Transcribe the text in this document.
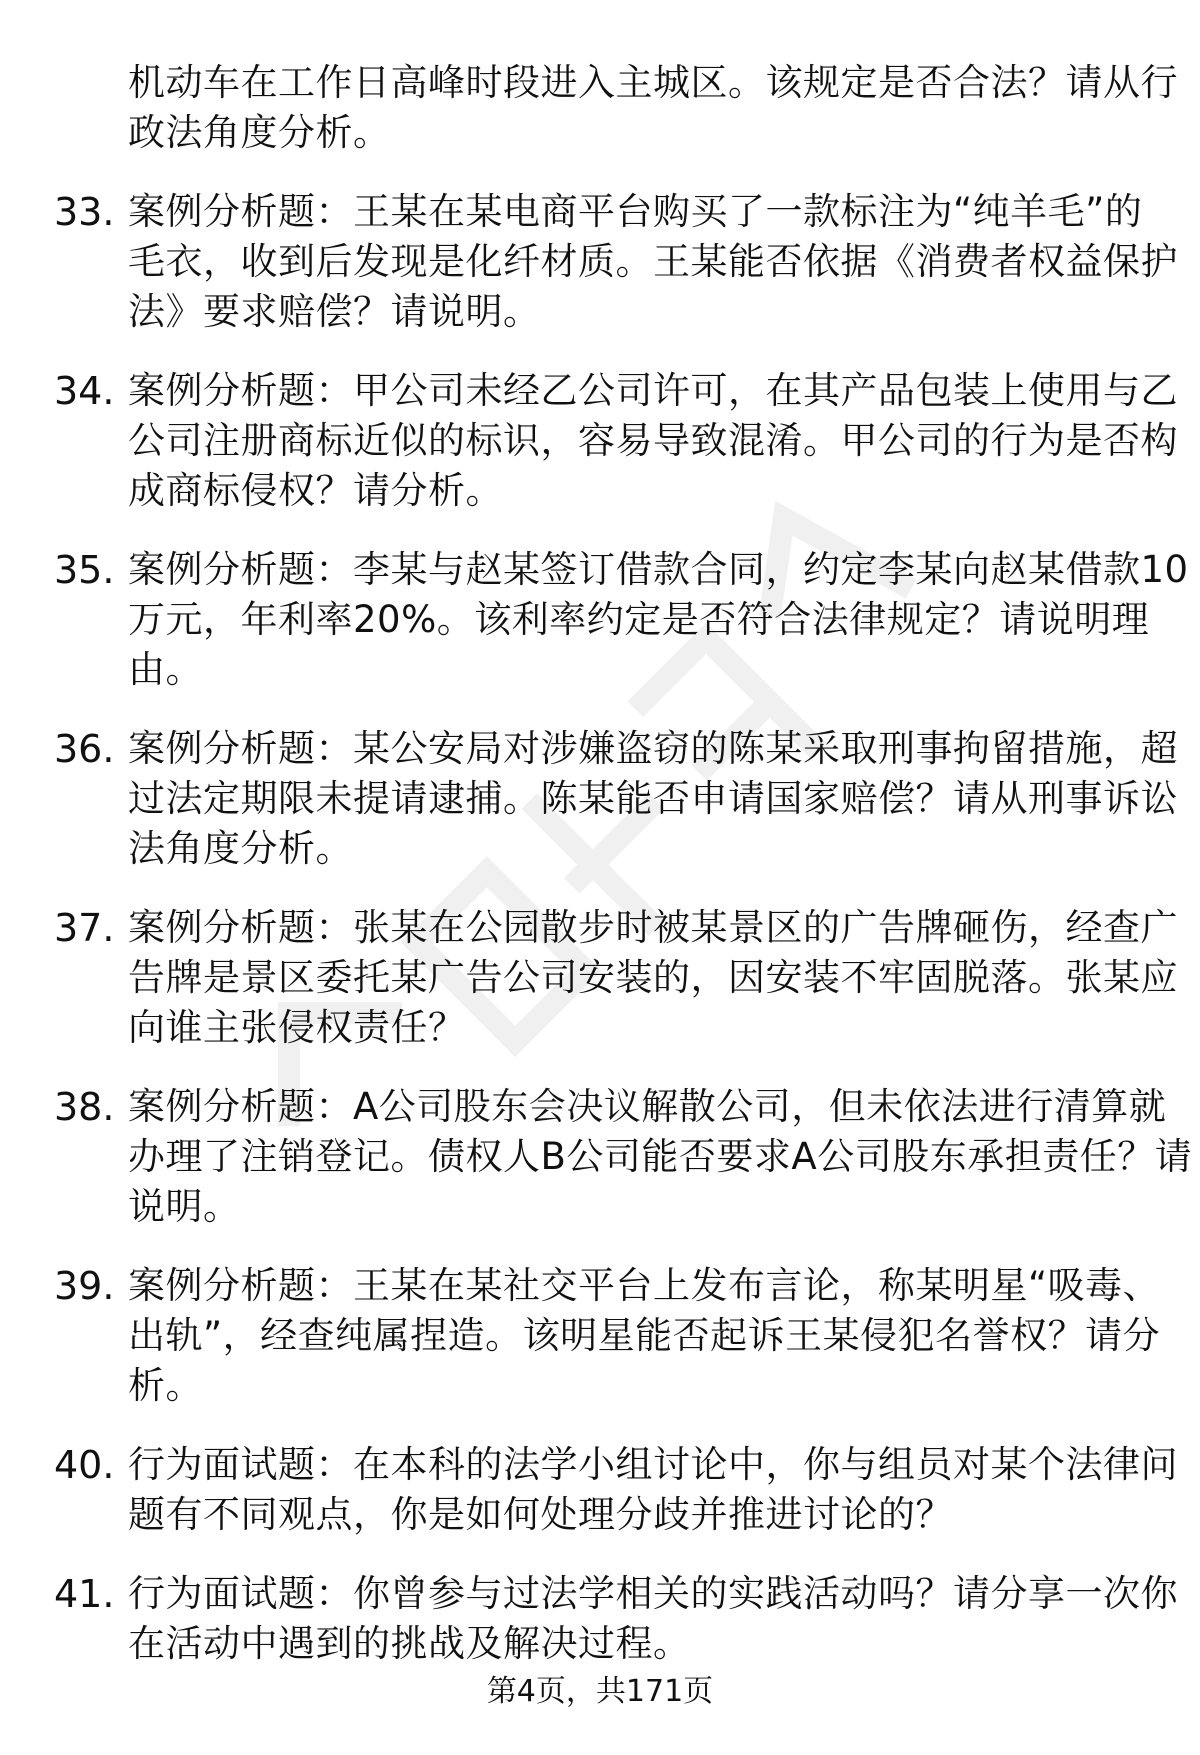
机动车在工作日高峰时段进入主城区。该规定是否合法？请从行
政法角度分析。
33. 案例分析题：王某在某电商平台购买了一款标注为“纯羊毛”的
毛衣，收到后发现是化纤材质。王某能否依据《消费者权益保护
法》要求赔偿？请说明。
34. 案例分析题：甲公司未经乙公司许可，在其产品包装上使用与乙
公司注册商标近似的标识，容易导致混淆。甲公司的行为是否构
成商标侵权？请分析。
35. 案例分析题：李某与赵某签订借款合同，约定李某向赵某借款10
万元，年利率20%。该利率约定是否符合法律规定？请说明理
由。
36. 案例分析题：某公安局对涉嫌盗窃的陈某采取刑事拘留措施，超
过法定期限未提请逮捕。陈某能否申请国家赔偿？请从刑事诉讼
法角度分析。
37. 案例分析题：张某在公园散步时被某景区的广告牌砸伤，经查广
告牌是景区委托某广告公司安装的，因安装不牢固脱落。张某应
向谁主张侵权责任？
38. 案例分析题：A公司股东会决议解散公司，但未依法进行清算就
办理了注销登记。债权人B公司能否要求A公司股东承担责任？请
说明。
39. 案例分析题：王某在某社交平台上发布言论，称某明星“吸毒、
出轨”，经查纯属捏造。该明星能否起诉王某侵犯名誉权？请分
析。
40. 行为面试题：在本科的法学小组讨论中，你与组员对某个法律问
题有不同观点，你是如何处理分歧并推进讨论的？
41. 行为面试题：你曾参与过法学相关的实践活动吗？请分享一次你
在活动中遇到的挑战及解决过程。
第4页，共171页
